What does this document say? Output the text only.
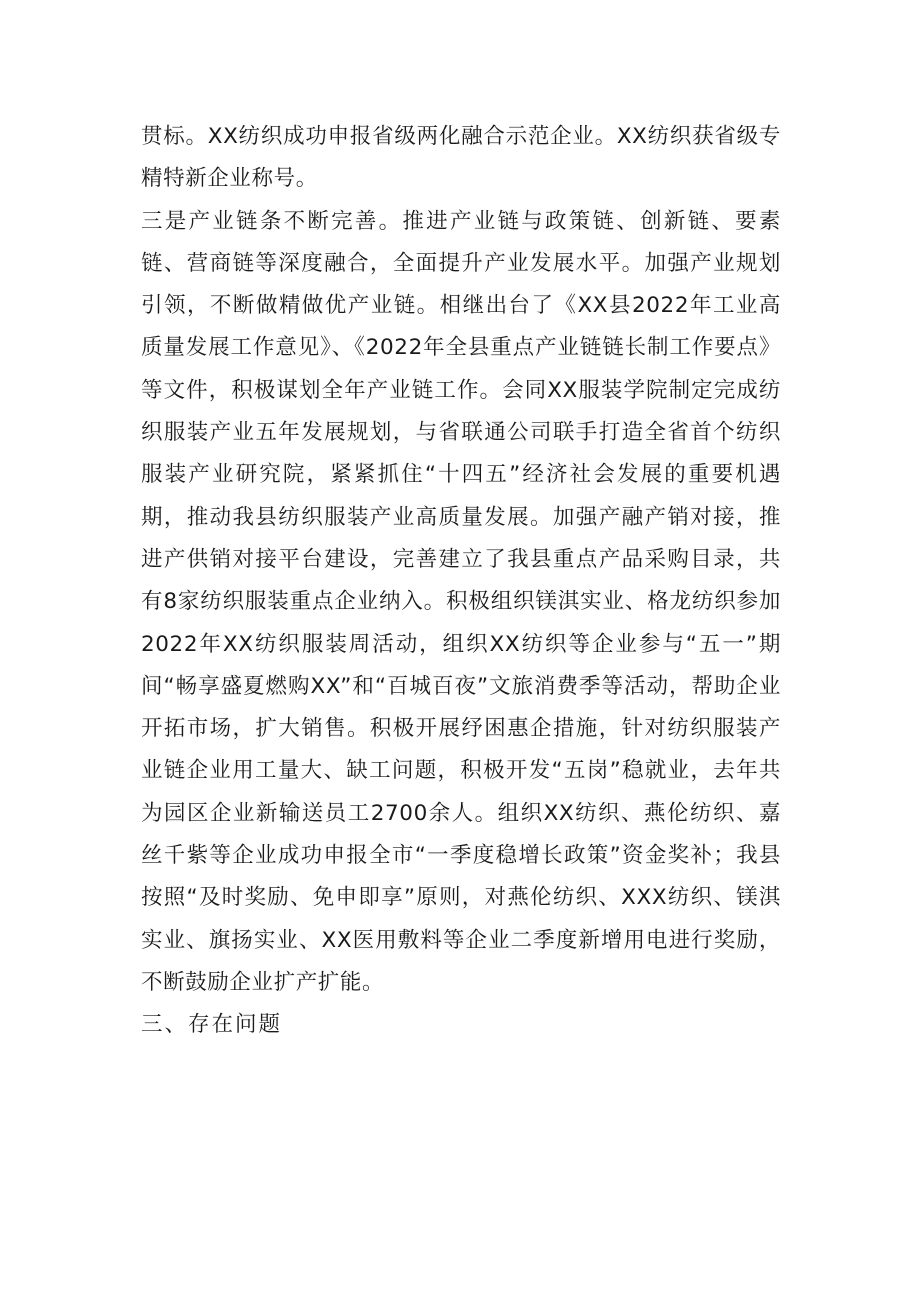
贯标。XX纺织成功申报省级两化融合示范企业。XX纺织获省级专精特新企业称号。

三是产业链条不断完善。推进产业链与政策链、创新链、要素链、营商链等深度融合，全面提升产业发展水平。加强产业规划引领，不断做精做优产业链。相继出台了《XX县2022年工业高质量发展工作意见》、《2022年全县重点产业链链长制工作要点》等文件，积极谋划全年产业链工作。会同XX服装学院制定完成纺织服装产业五年发展规划，与省联通公司联手打造全省首个纺织服装产业研究院，紧紧抓住“十四五”经济社会发展的重要机遇期，推动我县纺织服装产业高质量发展。加强产融产销对接，推进产供销对接平台建设，完善建立了我县重点产品采购目录，共有8家纺织服装重点企业纳入。积极组织镁淇实业、格龙纺织参加2022年XX纺织服装周活动，组织XX纺织等企业参与“五一”期间“畅享盛夏燃购XX”和“百城百夜”文旅消费季等活动，帮助企业开拓市场，扩大销售。积极开展纾困惠企措施，针对纺织服装产业链企业用工量大、缺工问题，积极开发“五岗”稳就业，去年共为园区企业新输送员工2700余人。组织XX纺织、燕伦纺织、嘉丝千紫等企业成功申报全市“一季度稳增长政策”资金奖补；我县按照“及时奖励、免申即享”原则，对燕伦纺织、XXX纺织、镁淇实业、旗扬实业、XX医用敷料等企业二季度新增用电进行奖励，不断鼓励企业扩产扩能。

三、存在问题
